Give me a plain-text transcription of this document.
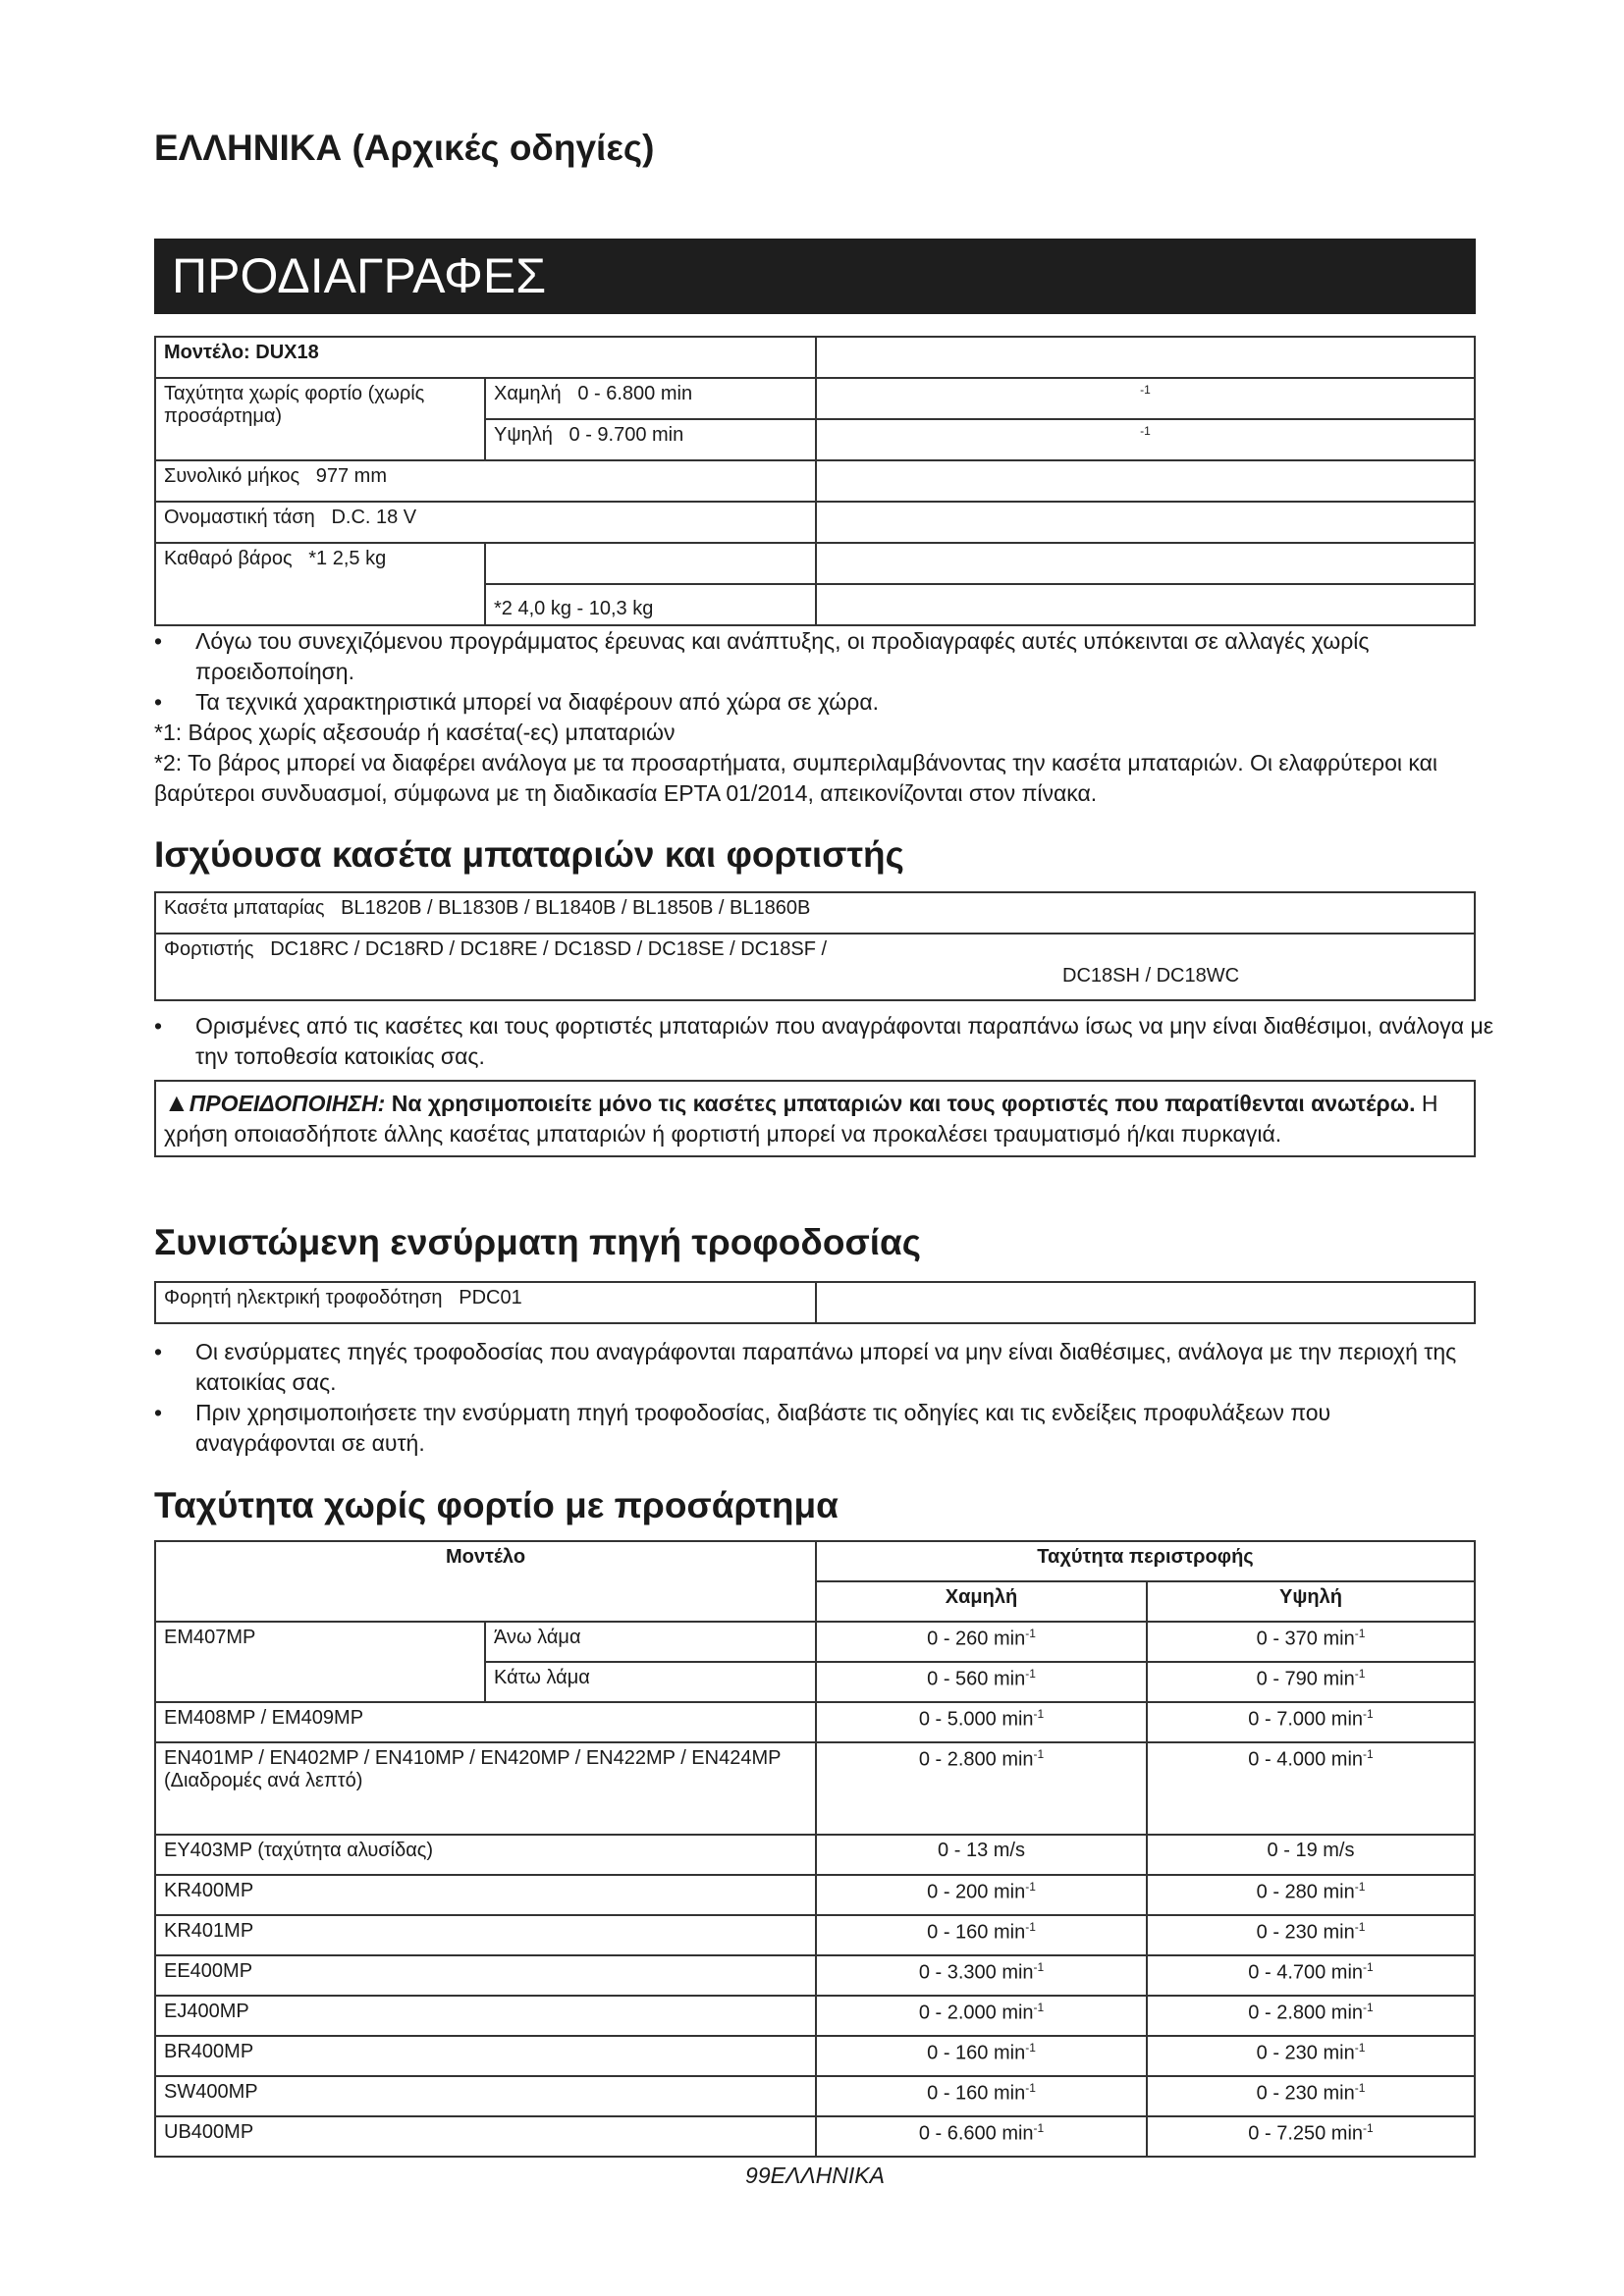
ΕΛΛΗΝΙΚΑ (Αρχικές οδηγίες)
ΠΡΟΔΙΑΓΡΑΦΕΣ
Μοντέλο: DUX18		
Ταχύτητα χωρίς φορτίο (χωρίς προσάρτημα)	Χαμηλή   0 - 6.800 min	$^{-1}$
	Υψηλή   0 - 9.700 min	$^{-1}$
Συνολικό μήκος   977 mm		
Ονομαστική τάση   D.C. 18 V		
Καθαρό βάρος   *1 2,5 kg		
	*2 4,0 kg - 10,3 kg	
• Λόγω του συνεχιζόμενου προγράμματος έρευνας και ανάπτυξης, οι προδιαγραφές αυτές υπόκεινται σε αλλαγές χωρίς προειδοποίηση.
• Τα τεχνικά χαρακτηριστικά μπορεί να διαφέρουν από χώρα σε χώρα.
*1: Βάρος χωρίς αξεσουάρ ή κασέτα(-ες) μπαταριών
*2: Το βάρος μπορεί να διαφέρει ανάλογα με τα προσαρτήματα, συμπεριλαμβάνοντας την κασέτα μπαταριών. Οι ελαφρύτεροι και βαρύτεροι συνδυασμοί, σύμφωνα με τη διαδικασία EPTA 01/2014, απεικονίζονται στον πίνακα.
Ισχύουσα κασέτα μπαταριών και φορτιστής
Κασέτα μπαταρίας   BL1820B / BL1830B / BL1840B / BL1850B / BL1860B

Φορτιστής   DC18RC / DC18RD / DC18RE / DC18SD / DC18SE / DC18SF /
DC18SH / DC18WC
• Ορισμένες από τις κασέτες και τους φορτιστές μπαταριών που αναγράφονται παραπάνω ίσως να μην είναι διαθέσιμοι, ανάλογα με την τοποθεσία κατοικίας σας.
▲ΠΡΟΕΙΔΟΠΟΙΗΣΗ: Να χρησιμοποιείτε μόνο τις κασέτες μπαταριών και τους φορτιστές που παρατίθενται ανωτέρω. Η χρήση οποιασδήποτε άλλης κασέτας μπαταριών ή φορτιστή μπορεί να προκαλέσει τραυματισμό ή/και πυρκαγιά.
Συνιστώμενη ενσύρματη πηγή τροφοδοσίας
Φορητή ηλεκτρική τροφοδότηση   PDC01	
• Οι ενσύρματες πηγές τροφοδοσίας που αναγράφονται παραπάνω μπορεί να μην είναι διαθέσιμες, ανάλογα με την περιοχή της κατοικίας σας.
• Πριν χρησιμοποιήσετε την ενσύρματη πηγή τροφοδοσίας, διαβάστε τις οδηγίες και τις ενδείξεις προφυλάξεων που αναγράφονται σε αυτή.
Ταχύτητα χωρίς φορτίο με προσάρτημα
Μοντέλο		Ταχύτητα περιστροφής	
		Χαμηλή	Υψηλή
EM407MP	Άνω λάμα	0 - 260 $\min^{-1}$	0 - 370 $\min^{-1}$
	Κάτω λάμα	0 - 560 $\min^{-1}$	0 - 790 $\min^{-1}$
EM408MP / EM409MP		0 - 5.000 $\min^{-1}$	0 - 7.000 $\min^{-1}$
EN401MP / EN402MP / EN410MP / EN420MP / EN422MP / EN424MP
(Διαδρομές ανά λεπτό)		0 - 2.800 $\min^{-1}$	0 - 4.000 $\min^{-1}$
EY403MP (ταχύτητα αλυσίδας)		0 - 13 m/s	0 - 19 m/s
KR400MP		0 - 200 $\min^{-1}$	0 - 280 $\min^{-1}$
KR401MP		0 - 160 $\min^{-1}$	0 - 230 $\min^{-1}$
EE400MP		0 - 3.300 $\min^{-1}$	0 - 4.700 $\min^{-1}$
EJ400MP		0 - 2.000 $\min^{-1}$	0 - 2.800 $\min^{-1}$
BR400MP		0 - 160 $\min^{-1}$	0 - 230 $\min^{-1}$
SW400MP		0 - 160 $\min^{-1}$	0 - 230 $\min^{-1}$
UB400MP		0 - 6.600 $\min^{-1}$	0 - 7.250 $\min^{-1}$
99ΕΛΛΗΝΙΚΑ
